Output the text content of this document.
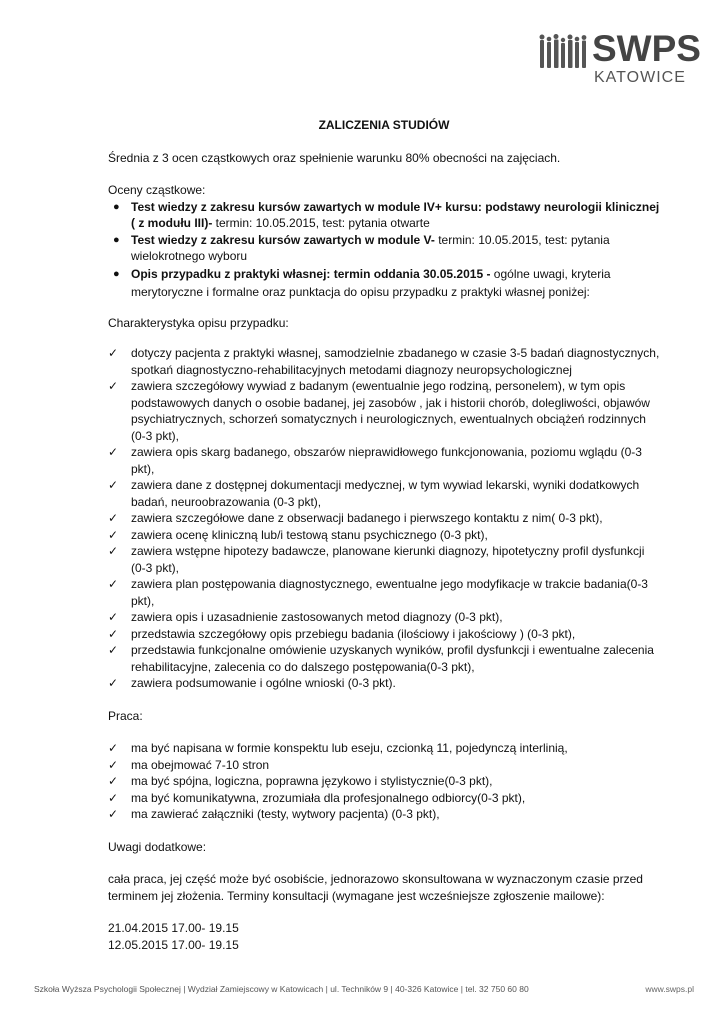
SWPS
KATOWICE

ZALICZENIA STUDIÓW

Średnia z 3 ocen cząstkowych oraz spełnienie warunku 80% obecności na zajęciach.

Oceny cząstkowe:

● Test wiedzy z zakresu kursów zawartych w module IV+ kursu: podstawy neurologii klinicznej ( z modułu III)- termin: 10.05.2015, test: pytania otwarte
● Test wiedzy z zakresu kursów zawartych w module V- termin: 10.05.2015, test: pytania wielokrotnego wyboru
● Opis przypadku z praktyki własnej: termin oddania 30.05.2015 - ogólne uwagi, kryteria merytoryczne i formalne oraz punktacja do opisu przypadku z praktyki własnej poniżej:

Charakterystyka opisu przypadku:

✓ dotyczy pacjenta z praktyki własnej, samodzielnie zbadanego w czasie 3-5 badań diagnostycznych, spotkań diagnostyczno-rehabilitacyjnych metodami diagnozy neuropsychologicznej
✓ zawiera szczegółowy wywiad z badanym (ewentualnie jego rodziną, personelem), w tym opis podstawowych danych o osobie badanej, jej zasobów , jak i historii chorób, dolegliwości, objawów psychiatrycznych, schorzeń somatycznych i neurologicznych, ewentualnych obciążeń rodzinnych (0-3 pkt),
✓ zawiera opis skarg badanego, obszarów nieprawidłowego funkcjonowania, poziomu wglądu (0-3 pkt),
✓ zawiera dane z dostępnej dokumentacji medycznej, w tym wywiad lekarski, wyniki dodatkowych badań, neuroobrazowania (0-3 pkt),
✓ zawiera szczegółowe dane z obserwacji badanego i pierwszego kontaktu z nim( 0-3 pkt),
✓ zawiera ocenę kliniczną lub/i testową stanu psychicznego (0-3 pkt),
✓ zawiera wstępne hipotezy badawcze, planowane kierunki diagnozy, hipotetyczny profil dysfunkcji (0-3 pkt),
✓ zawiera plan postępowania diagnostycznego, ewentualne jego modyfikacje w trakcie badania(0-3 pkt),
✓ zawiera opis i uzasadnienie zastosowanych metod diagnozy (0-3 pkt),
✓ przedstawia szczegółowy opis przebiegu badania (ilościowy i jakościowy ) (0-3 pkt),
✓ przedstawia funkcjonalne omówienie uzyskanych wyników, profil dysfunkcji i ewentualne zalecenia rehabilitacyjne, zalecenia co do dalszego postępowania(0-3 pkt),
✓ zawiera podsumowanie i ogólne wnioski (0-3 pkt).

Praca:

✓ ma być napisana w formie konspektu lub eseju, czcionką 11, pojedynczą interlinią,
✓ ma obejmować 7-10 stron
✓ ma być spójna, logiczna, poprawna językowo i stylistycznie(0-3 pkt),
✓ ma być komunikatywna, zrozumiała dla profesjonalnego odbiorcy(0-3 pkt),
✓ ma zawierać załączniki (testy, wytwory pacjenta) (0-3 pkt),

Uwagi dodatkowe:

cała praca, jej część może być osobiście, jednorazowo skonsultowana w wyznaczonym czasie przed terminem jej złożenia. Terminy konsultacji (wymagane jest wcześniejsze zgłoszenie mailowe):

21.04.2015 17.00- 19.15

12.05.2015 17.00- 19.15

Szkoła Wyższa Psychologii Społecznej | Wydział Zamiejscowy w Katowicach | ul. Techników 9 | 40-326 Katowice | tel. 32 750 60 80	www.swps.pl
